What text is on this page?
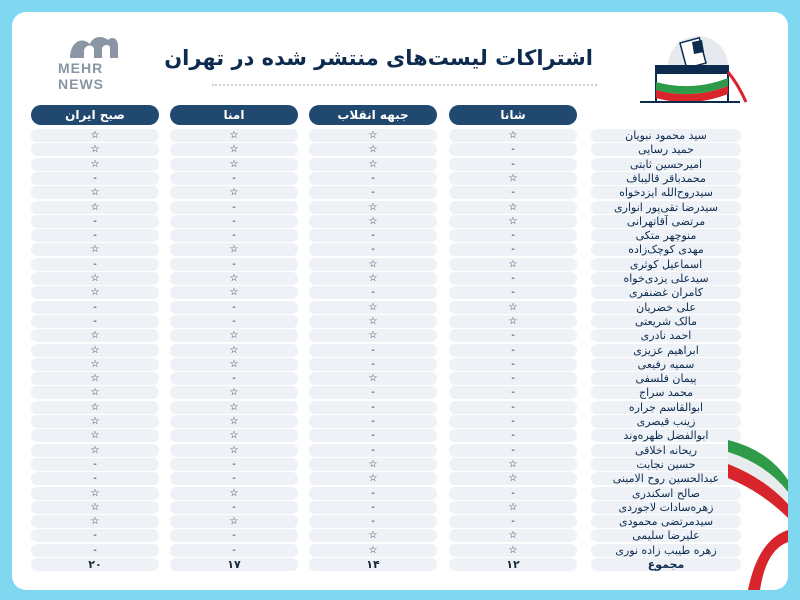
MEHR
NEWS
اشتراکات لیست‌های منتشر شده در تهران
شانا
جبهه انقلاب
امنا
صبح ایران
سید محمود نبویان
☆
☆
☆
☆
حمید رسایی
-
☆
☆
☆
امیرحسین ثابتی
-
☆
☆
☆
محمدباقر قالیباف
☆
-
-
-
سیدروح‌الله ایزدخواه
-
-
☆
☆
سیدرضا تقی‌پور انواری
☆
☆
-
☆
مرتضی آقاتهرانی
☆
☆
-
-
منوچهر متکی
-
-
-
-
مهدی کوچک‌زاده
-
-
☆
☆
اسماعیل کوثری
☆
☆
-
-
سیدعلی یزدی‌خواه
-
☆
☆
☆
کامران غضنفری
-
-
☆
☆
علی خضریان
☆
☆
-
-
مالک شریعتی
☆
☆
-
-
احمد نادری
-
☆
☆
☆
ابراهیم عزیزی
-
-
☆
☆
سمیه رفیعی
-
-
☆
☆
پیمان فلسفی
-
☆
-
☆
محمد سراج
-
-
☆
☆
ابوالقاسم جراره
-
-
☆
☆
زینب قیصری
-
-
☆
☆
ابوالفضل ظهره‌وند
-
-
☆
☆
ریحانه اخلاقی
-
-
☆
☆
حسین نجابت
☆
☆
-
-
عبدالحسین روح الامینی
☆
☆
-
-
صالح اسکندری
-
-
☆
☆
زهره‌سادات لاجوردی
☆
-
-
☆
سیدمرتضی محمودی
-
-
☆
☆
علیرضا سلیمی
☆
☆
-
-
زهره طیبب زاده نوری
☆
☆
-
-
مجموع
۱۲
۱۴
۱۷
۲۰
